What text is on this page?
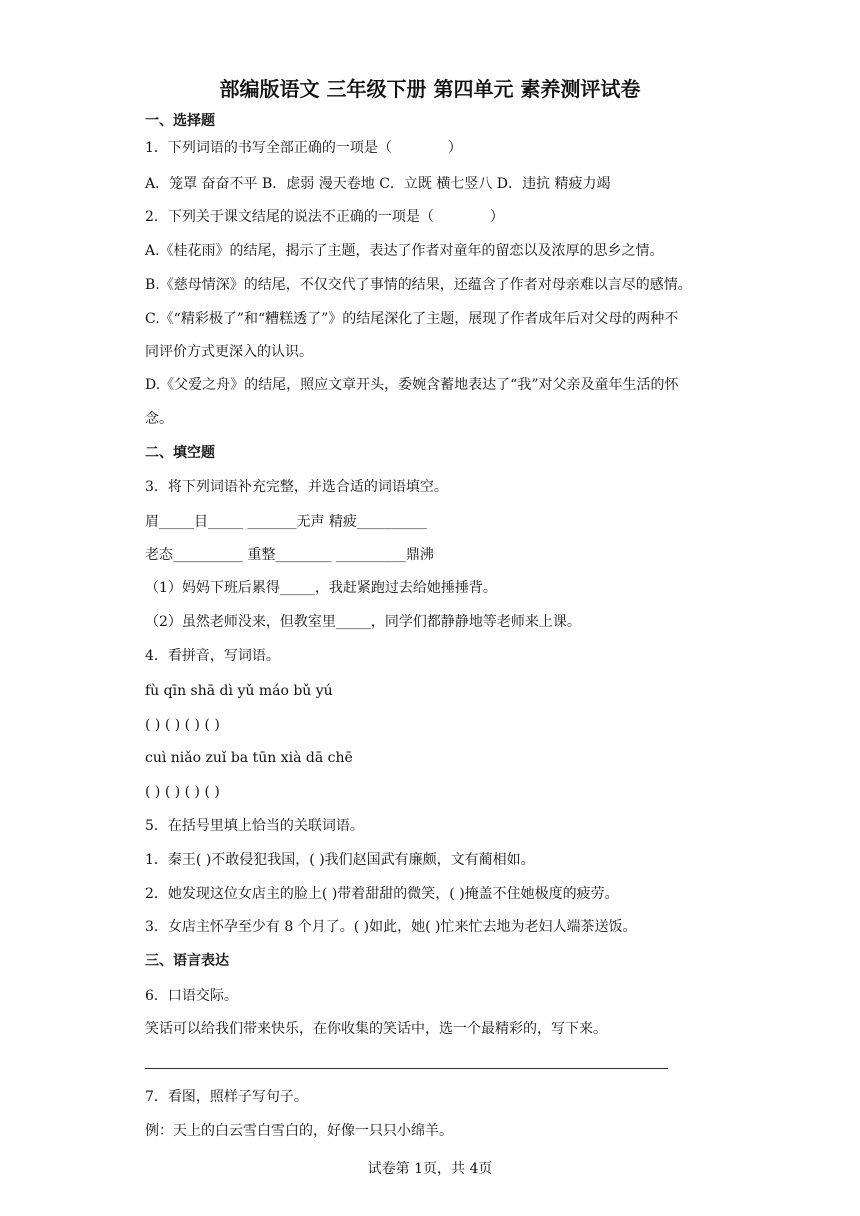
部编版语文 三年级下册 第四单元 素养测评试卷
一、选择题
1．下列词语的书写全部正确的一项是（　　　　）
A．笼罩 奋奋不平 B．虑弱 漫天卷地 C．立既 横七竖八 D．违抗 精疲力竭
2．下列关于课文结尾的说法不正确的一项是（　　　　）
A.《桂花雨》的结尾，揭示了主题，表达了作者对童年的留恋以及浓厚的思乡之情。
B.《慈母情深》的结尾，不仅交代了事情的结果，还蕴含了作者对母亲难以言尽的感情。
C.《“精彩极了”和“糟糕透了”》的结尾深化了主题，展现了作者成年后对父母的两种不
同评价方式更深入的认识。
D.《父爱之舟》的结尾，照应文章开头，委婉含蓄地表达了“我”对父亲及童年生活的怀
念。
二、填空题
3．将下列词语补充完整，并选合适的词语填空。
眉_____目_____ _______无声 精疲__________
老态__________ 重整________ __________鼎沸
（1）妈妈下班后累得_____，我赶紧跑过去给她捶捶背。
（2）虽然老师没来，但教室里_____，同学们都静静地等老师来上课。
4．看拼音，写词语。
fù qīn shā dì yǔ máo bǔ yú
( ) ( ) ( ) ( )
cuì niǎo zuǐ ba tūn xià dā chē
( ) ( ) ( ) ( )
5．在括号里填上恰当的关联词语。
1．秦王( )不敢侵犯我国，( )我们赵国武有廉颇，文有蔺相如。
2．她发现这位女店主的脸上( )带着甜甜的微笑，( )掩盖不住她极度的疲劳。
3．女店主怀孕至少有 8 个月了。( )如此，她( )忙来忙去地为老妇人端茶送饭。
三、语言表达
6．口语交际。
笑话可以给我们带来快乐，在你收集的笑话中，选一个最精彩的，写下来。
7．看图，照样子写句子。
例：天上的白云雪白雪白的，好像一只只小绵羊。
试卷第 1页，共 4页
